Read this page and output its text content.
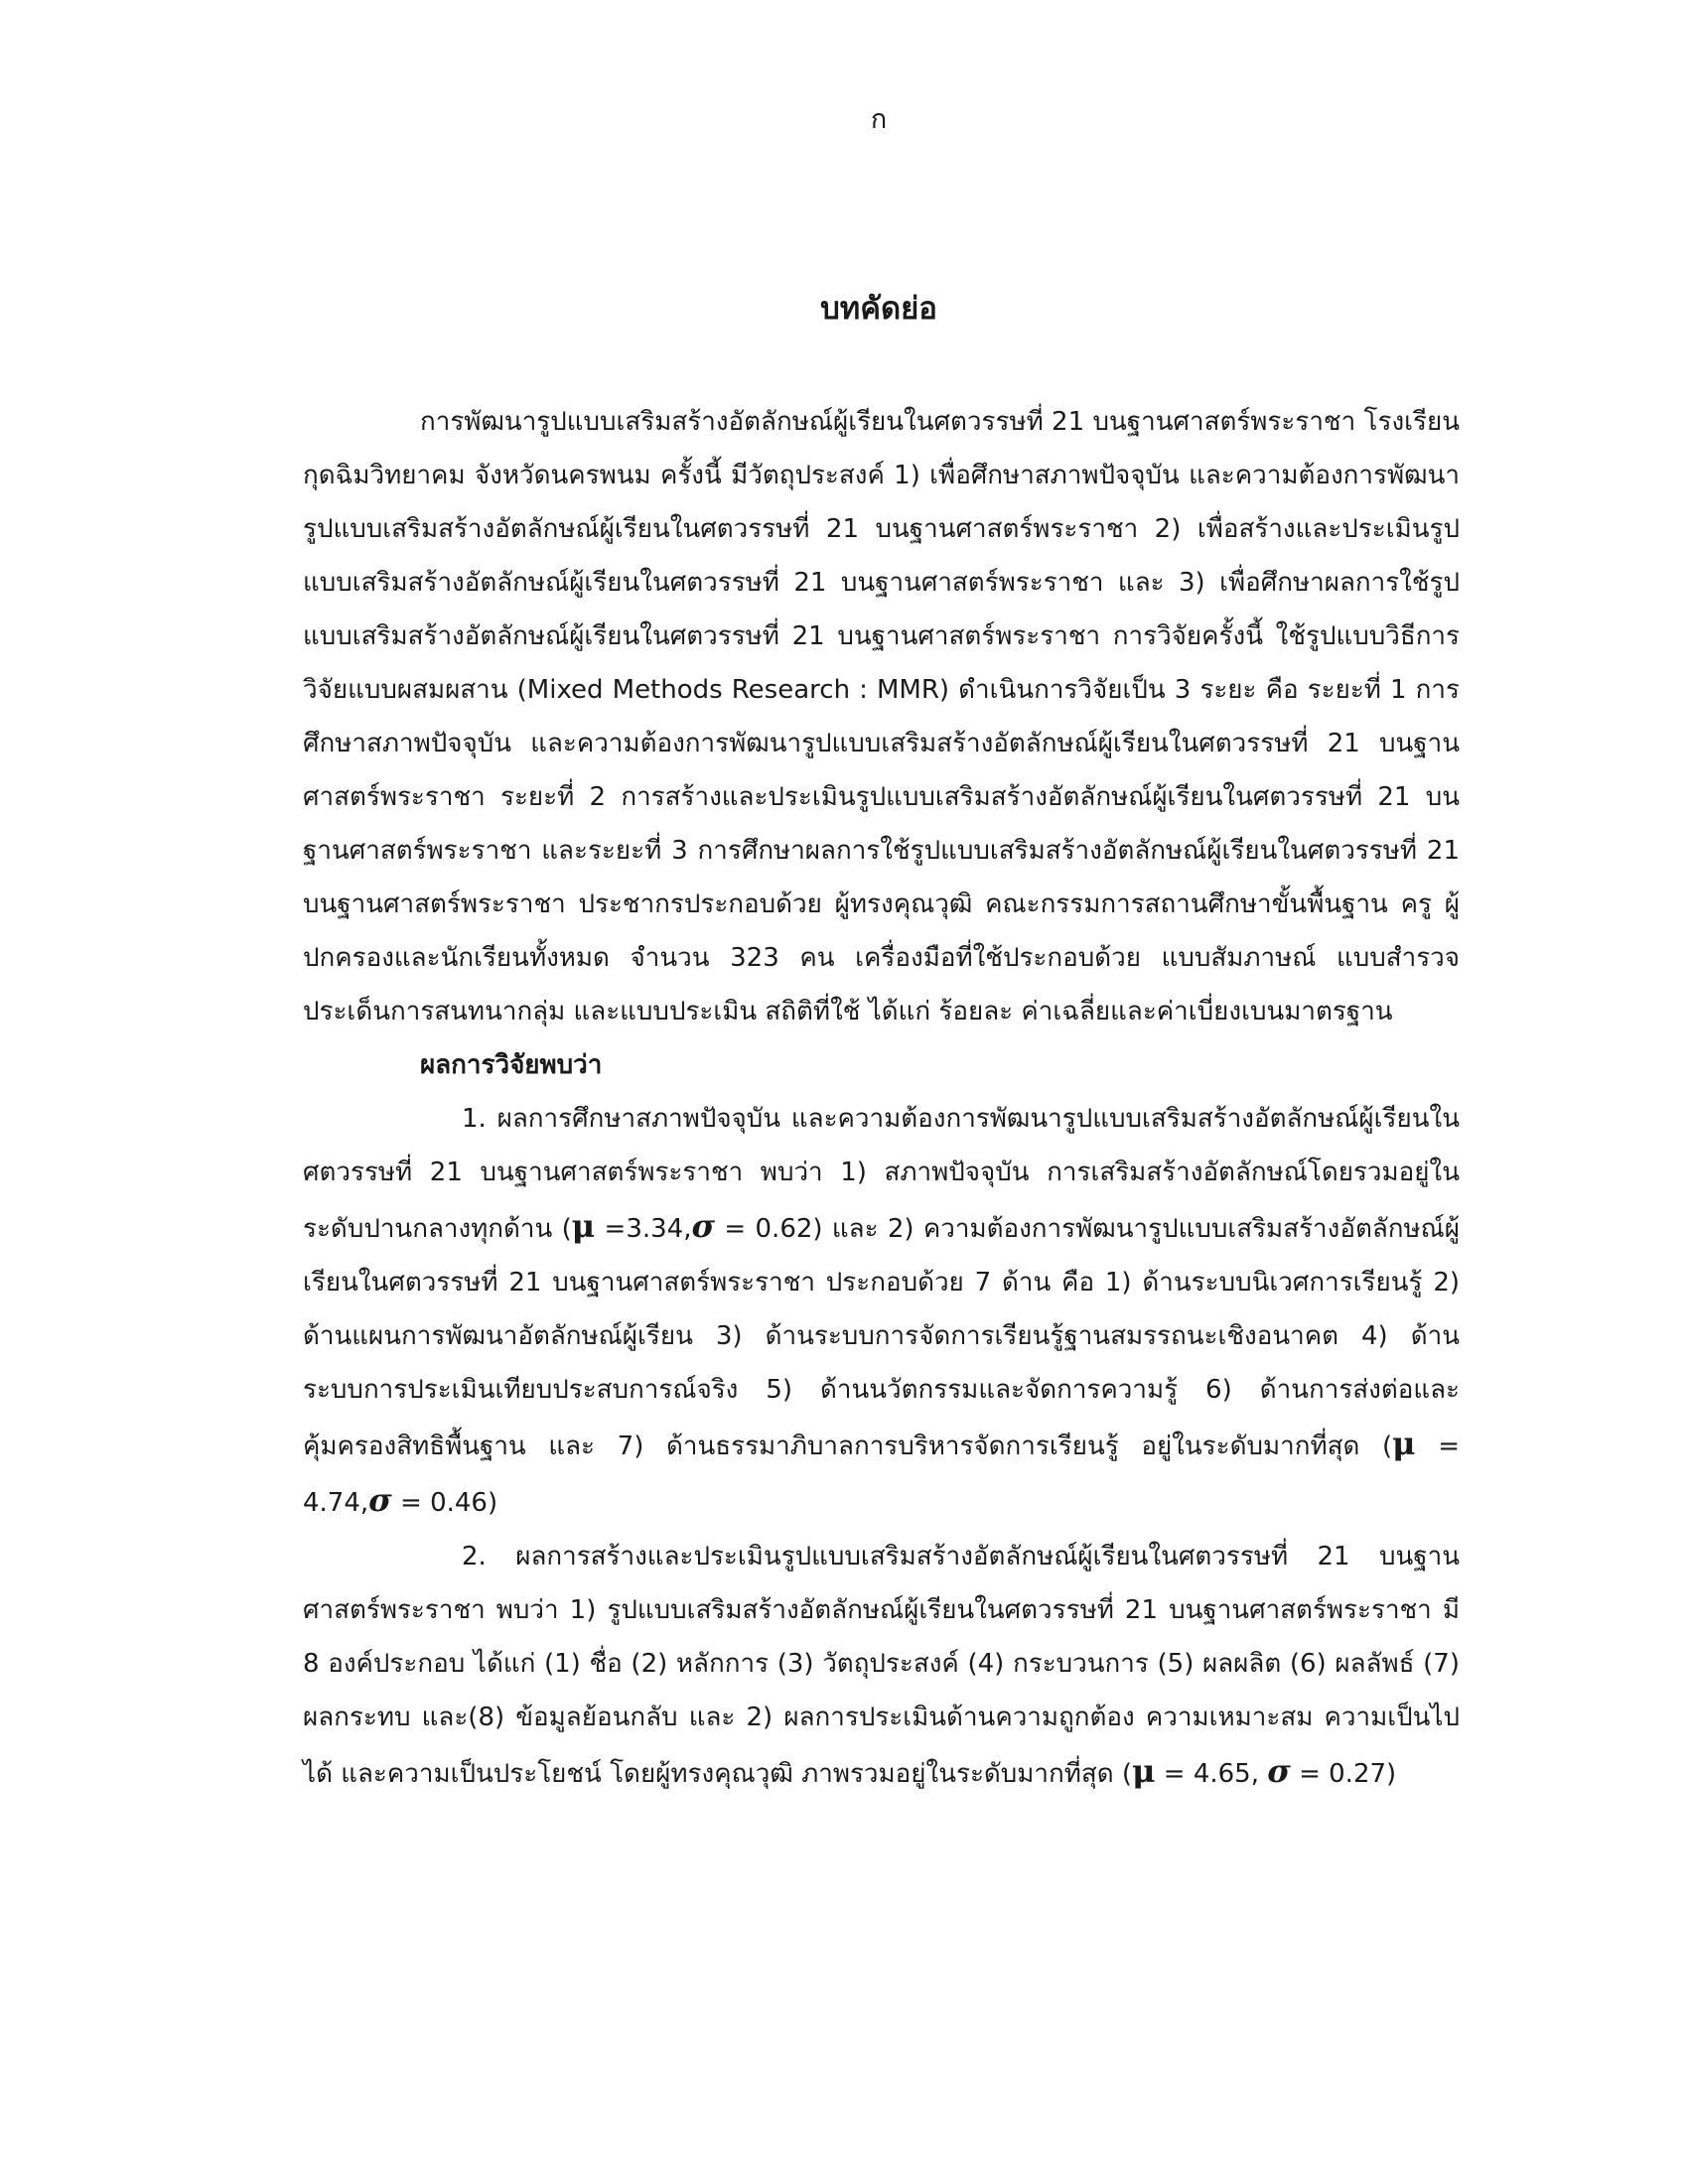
ก
บทคัดย่อ

การพัฒนารูปแบบเสริมสร้างอัตลักษณ์ผู้เรียนในศตวรรษที่ 21 บนฐานศาสตร์พระราชา โรงเรียนกุดฉิมวิทยาคม จังหวัดนครพนม ครั้งนี้ มีวัตถุประสงค์ 1) เพื่อศึกษาสภาพปัจจุบัน และความต้องการพัฒนารูปแบบเสริมสร้างอัตลักษณ์ผู้เรียนในศตวรรษที่ 21 บนฐานศาสตร์พระราชา 2) เพื่อสร้างและประเมินรูปแบบเสริมสร้างอัตลักษณ์ผู้เรียนในศตวรรษที่ 21 บนฐานศาสตร์พระราชา และ 3) เพื่อศึกษาผลการใช้รูปแบบเสริมสร้างอัตลักษณ์ผู้เรียนในศตวรรษที่ 21 บนฐานศาสตร์พระราชา การวิจัยครั้งนี้ ใช้รูปแบบวิธีการวิจัยแบบผสมผสาน (Mixed Methods Research : MMR) ดำเนินการวิจัยเป็น 3 ระยะ คือ ระยะที่ 1 การศึกษาสภาพปัจจุบัน และความต้องการพัฒนารูปแบบเสริมสร้างอัตลักษณ์ผู้เรียนในศตวรรษที่ 21 บนฐานศาสตร์พระราชา ระยะที่ 2 การสร้างและประเมินรูปแบบเสริมสร้างอัตลักษณ์ผู้เรียนในศตวรรษที่ 21 บนฐานศาสตร์พระราชา และระยะที่ 3 การศึกษาผลการใช้รูปแบบเสริมสร้างอัตลักษณ์ผู้เรียนในศตวรรษที่ 21 บนฐานศาสตร์พระราชา ประชากรประกอบด้วย ผู้ทรงคุณวุฒิ คณะกรรมการสถานศึกษาขั้นพื้นฐาน ครู ผู้ปกครองและนักเรียนทั้งหมด จำนวน 323 คน เครื่องมือที่ใช้ประกอบด้วย แบบสัมภาษณ์ แบบสำรวจ ประเด็นการสนทนากลุ่ม และแบบประเมิน สถิติที่ใช้ ได้แก่ ร้อยละ ค่าเฉลี่ยและค่าเบี่ยงเบนมาตรฐาน

ผลการวิจัยพบว่า

1. ผลการศึกษาสภาพปัจจุบัน และความต้องการพัฒนารูปแบบเสริมสร้างอัตลักษณ์ผู้เรียนในศตวรรษที่ 21 บนฐานศาสตร์พระราชา พบว่า 1) สภาพปัจจุบัน การเสริมสร้างอัตลักษณ์โดยรวมอยู่ในระดับปานกลางทุกด้าน (μ =3.34,σ = 0.62) และ 2) ความต้องการพัฒนารูปแบบเสริมสร้างอัตลักษณ์ผู้เรียนในศตวรรษที่ 21 บนฐานศาสตร์พระราชา ประกอบด้วย 7 ด้าน คือ 1) ด้านระบบนิเวศการเรียนรู้ 2) ด้านแผนการพัฒนาอัตลักษณ์ผู้เรียน 3) ด้านระบบการจัดการเรียนรู้ฐานสมรรถนะเชิงอนาคต 4) ด้านระบบการประเมินเทียบประสบการณ์จริง 5) ด้านนวัตกรรมและจัดการความรู้ 6) ด้านการส่งต่อและคุ้มครองสิทธิพื้นฐาน และ 7) ด้านธรรมาภิบาลการบริหารจัดการเรียนรู้ อยู่ในระดับมากที่สุด (μ = 4.74,σ = 0.46)

2. ผลการสร้างและประเมินรูปแบบเสริมสร้างอัตลักษณ์ผู้เรียนในศตวรรษที่ 21 บนฐานศาสตร์พระราชา พบว่า 1) รูปแบบเสริมสร้างอัตลักษณ์ผู้เรียนในศตวรรษที่ 21 บนฐานศาสตร์พระราชา มี 8 องค์ประกอบ ได้แก่ (1) ชื่อ (2) หลักการ (3) วัตถุประสงค์ (4) กระบวนการ (5) ผลผลิต (6) ผลลัพธ์ (7) ผลกระทบ และ(8) ข้อมูลย้อนกลับ และ 2) ผลการประเมินด้านความถูกต้อง ความเหมาะสม ความเป็นไปได้ และความเป็นประโยชน์ โดยผู้ทรงคุณวุฒิ ภาพรวมอยู่ในระดับมากที่สุด (μ = 4.65, σ = 0.27)
